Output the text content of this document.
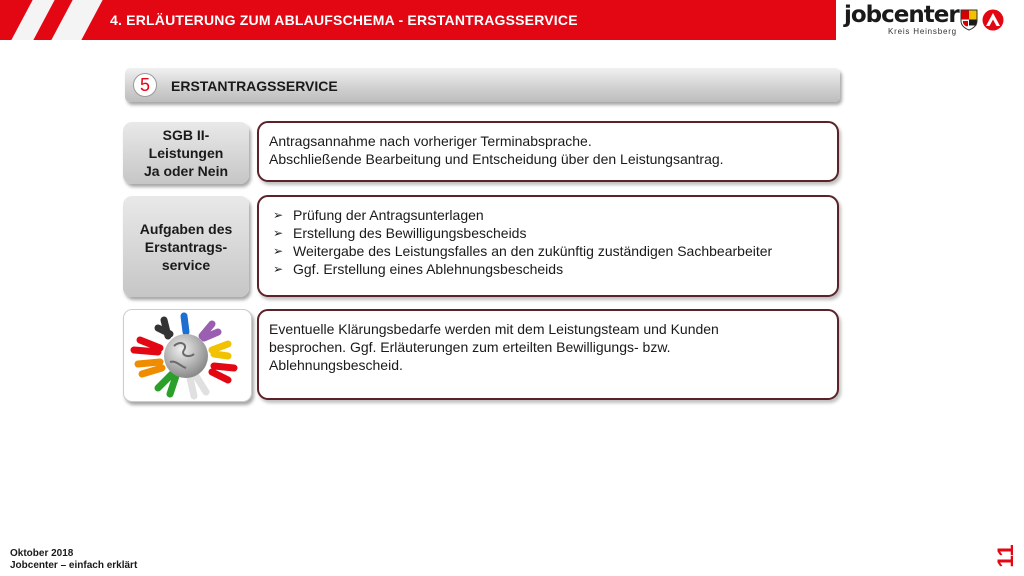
4. ERLÄUTERUNG ZUM ABLAUFSCHEMA - ERSTANTRAGSSERVICE	jobcenter
Kreis Heinsberg
5	ERSTANTRAGSSERVICE
SGB II-
Leistungen
Ja oder Nein

Antragsannahme nach vorheriger Terminabsprache.

Abschließende Bearbeitung und Entscheidung über den Leistungsantrag.

Aufgaben des
Erstantrags-
service
➢ Prüfung der Antragsunterlagen
➢ Erstellung des Bewilligungsbescheids
➢ Weitergabe des Leistungsfalles an den zukünftig zuständigen Sachbearbeiter
➢ Ggf. Erstellung eines Ablehnungsbescheids

Eventuelle Klärungsbedarfe werden mit dem Leistungsteam und Kunden

besprochen. Ggf. Erläuterungen zum erteilten Bewilligungs- bzw.

Ablehnungsbescheid.

Oktober 2018
Jobcenter – einfach erklärt	11
